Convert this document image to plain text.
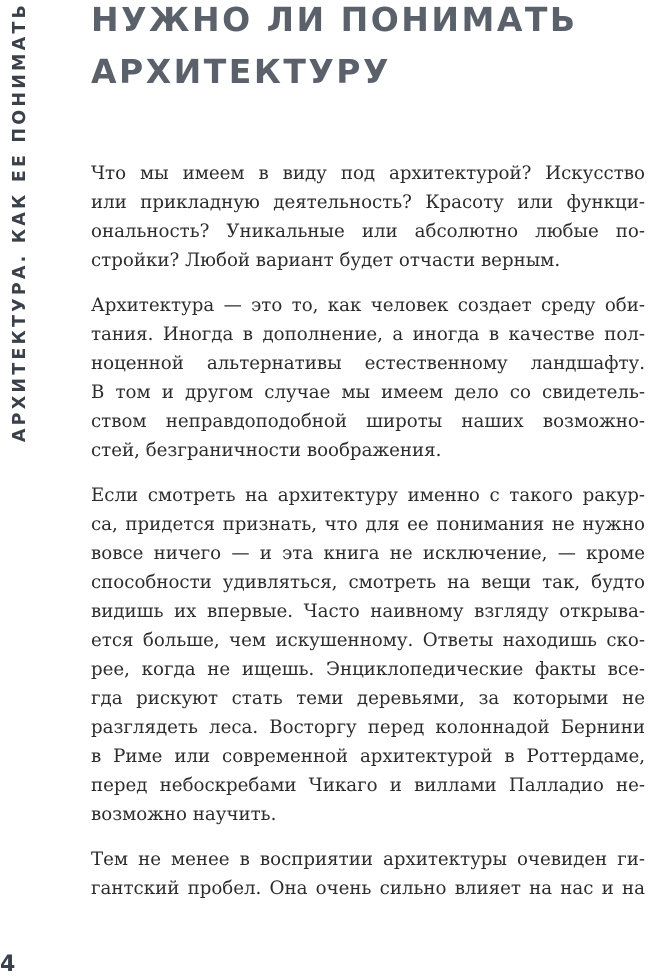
АРХИТЕКТУРА. КАК ЕЕ ПОНИМАТЬ НУЖНО ЛИ ПОНИМАТЬ
АРХИТЕКТУРУ

Что мы имеем в виду под архитектурой? Искусство
или прикладную деятельность? Красоту или функци-
ональность? Уникальные или абсолютно любые по-
стройки? Любой вариант будет отчасти верным.

Архитектура — это то, как человек создает среду оби-
тания. Иногда в дополнение, а иногда в качестве пол-
ноценной альтернативы естественному ландшафту.
В том и другом случае мы имеем дело со свидетель-
ством неправдоподобной широты наших возможно-
стей, безграничности воображения.

Если смотреть на архитектуру именно с такого ракур-
са, придется признать, что для ее понимания не нужно
вовсе ничего — и эта книга не исключение, — кроме
способности удивляться, смотреть на вещи так, будто
видишь их впервые. Часто наивному взгляду открыва-
ется больше, чем искушенному. Ответы находишь ско-
рее, когда не ищешь. Энциклопедические факты все-
гда рискуют стать теми деревьями, за которыми не
разглядеть леса. Восторгу перед колоннадой Бернини
в Риме или современной архитектурой в Роттердаме,
перед небоскребами Чикаго и виллами Палладио не-
возможно научить.

Тем не менее в восприятии архитектуры очевиден ги-
гантский пробел. Она очень сильно влияет на нас и на

4
